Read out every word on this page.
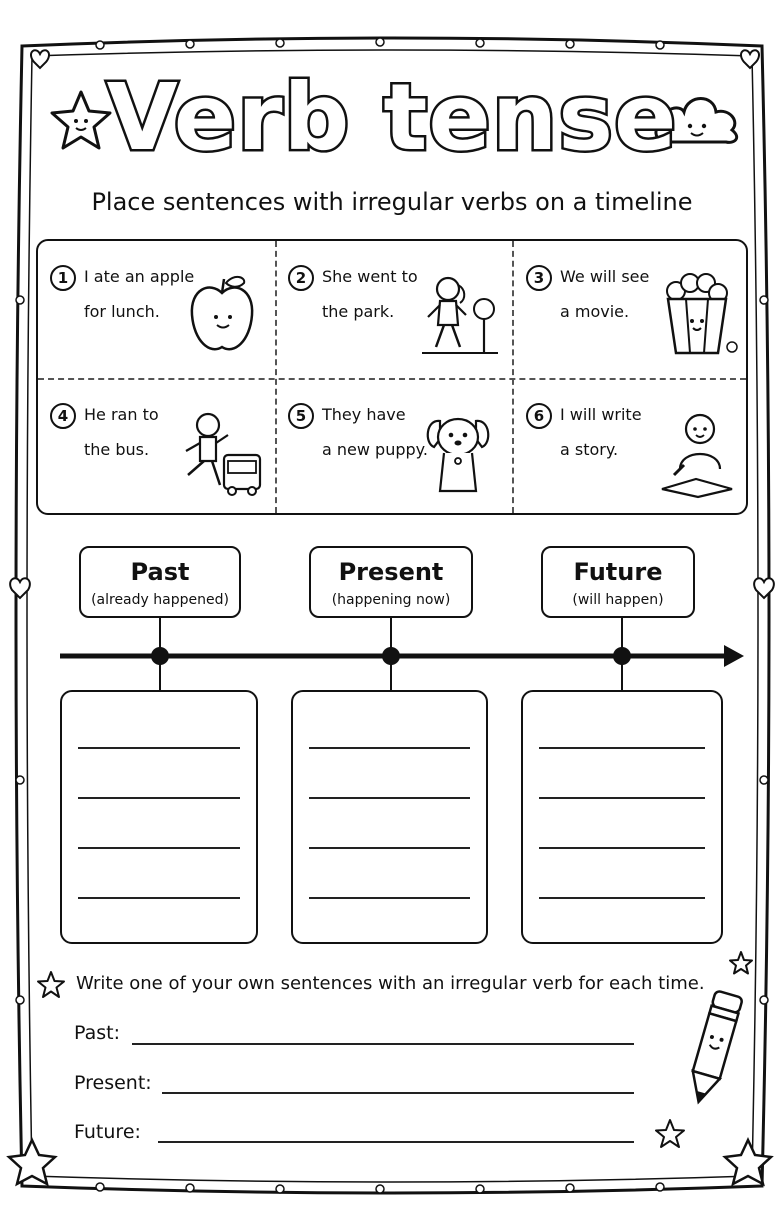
Verb tense
Place sentences with irregular verbs on a timeline
1 I ate an apple
for lunch.
2 She went to
the park.
3 We will see
a movie.
4 He ran to
the bus.
5 They have
a new puppy.
6 I will write
a story.
Past
(already happened)
Present
(happening now)
Future
(will happen)
Write one of your own sentences with an irregular verb for each time.
Past:
Present:
Future:
